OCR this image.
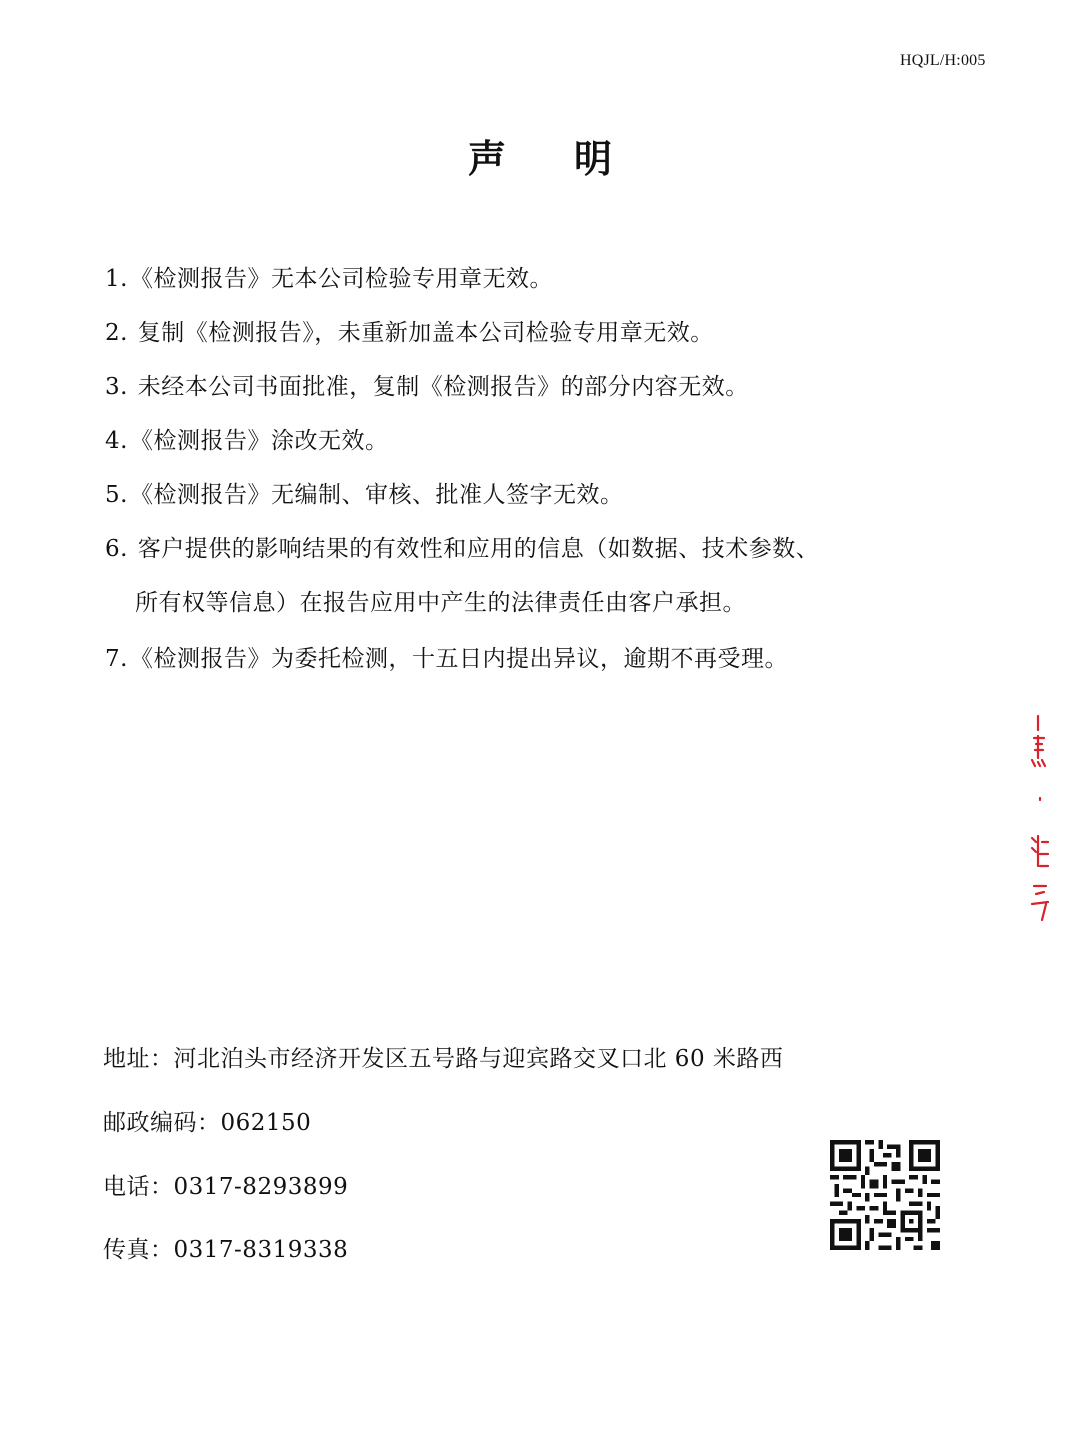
HQJL/H:005
声明
1.《检测报告》无本公司检验专用章无效。
2. 复制《检测报告》，未重新加盖本公司检验专用章无效。
3. 未经本公司书面批准，复制《检测报告》的部分内容无效。
4.《检测报告》涂改无效。
5.《检测报告》无编制、审核、批准人签字无效。
6. 客户提供的影响结果的有效性和应用的信息（如数据、技术参数、
所有权等信息）在报告应用中产生的法律责任由客户承担。
7.《检测报告》为委托检测，十五日内提出异议，逾期不再受理。
地址：河北泊头市经济开发区五号路与迎宾路交叉口北 60 米路西
邮政编码：062150
电话：0317-8293899
传真：0317-8319338
